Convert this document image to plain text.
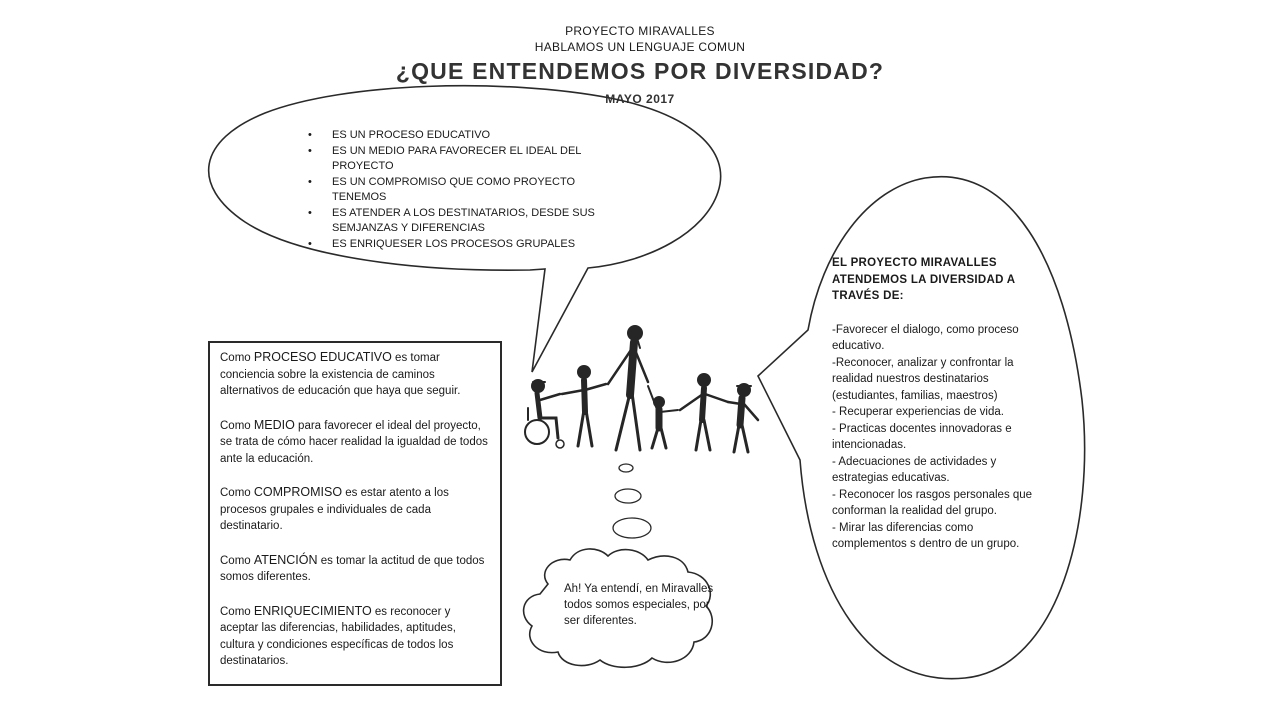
PROYECTO MIRAVALLES
HABLAMOS UN LENGUAJE COMUN
¿QUE ENTENDEMOS POR DIVERSIDAD?
MAYO 2017
• ES UN PROCESO EDUCATIVO
• ES UN MEDIO PARA FAVORECER EL IDEAL DEL PROYECTO
• ES UN COMPROMISO QUE COMO PROYECTO TENEMOS
• ES ATENDER A LOS DESTINATARIOS, DESDE SUS SEMJANZAS Y DIFERENCIAS
• ES ENRIQUESER LOS PROCESOS GRUPALES

Como PROCESO EDUCATIVO es tomar conciencia sobre la existencia de caminos alternativos de educación que haya que seguir.

Como MEDIO para favorecer el ideal del proyecto, se trata de cómo hacer realidad la igualdad de todos ante la educación.

Como COMPROMISO es estar atento a los procesos grupales e individuales de cada destinatario.

Como ATENCIÓN es tomar la actitud de que todos somos diferentes.

Como ENRIQUECIMIENTO es reconocer y aceptar las diferencias, habilidades, aptitudes, cultura y condiciones específicas de todos los destinatarios.

EL PROYECTO MIRAVALLES ATENDEMOS LA DIVERSIDAD A TRAVÉS DE:
-Favorecer el dialogo, como proceso educativo.
-Reconocer, analizar y confrontar la realidad nuestros destinatarios (estudiantes, familias, maestros)
- Recuperar experiencias de vida.
- Practicas docentes innovadoras e intencionadas.
- Adecuaciones de actividades y estrategias educativas.
- Reconocer los rasgos personales que conforman la realidad del grupo.
- Mirar las diferencias como complementos s dentro de un grupo.
Ah! Ya entendí, en Miravalles todos somos especiales, por ser diferentes.
